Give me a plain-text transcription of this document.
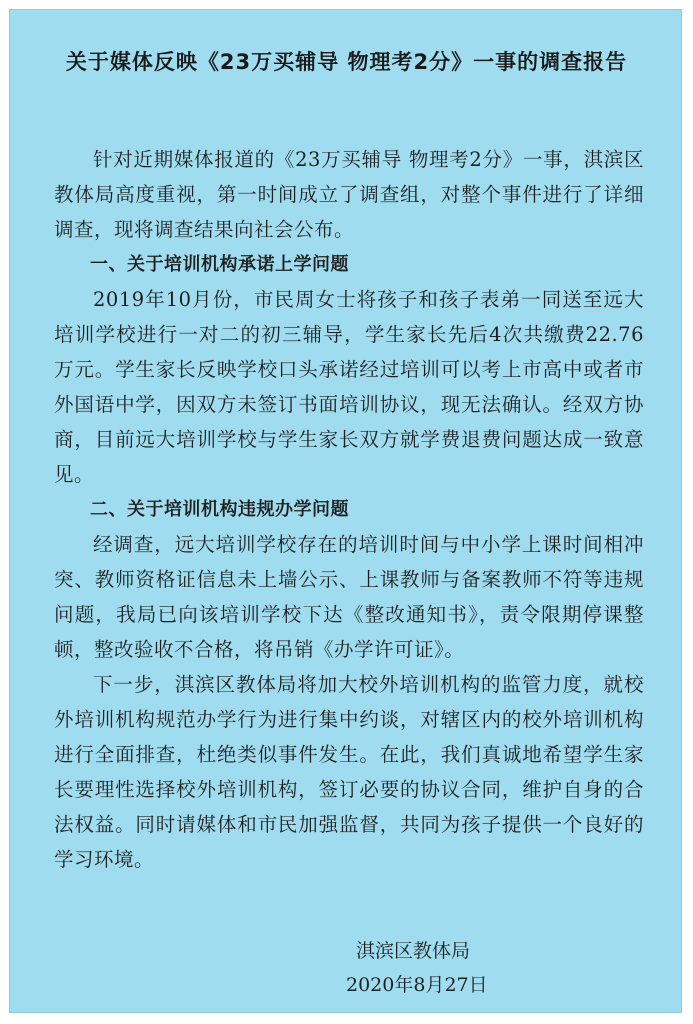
关于媒体反映《23万买辅导 物理考2分》一事的调查报告

针对近期媒体报道的《23万买辅导 物理考2分》一事，淇滨区教体局高度重视，第一时间成立了调查组，对整个事件进行了详细调查，现将调查结果向社会公布。

一、关于培训机构承诺上学问题

2019年10月份，市民周女士将孩子和孩子表弟一同送至远大培训学校进行一对二的初三辅导，学生家长先后4次共缴费22.76万元。学生家长反映学校口头承诺经过培训可以考上市高中或者市外国语中学，因双方未签订书面培训协议，现无法确认。经双方协商，目前远大培训学校与学生家长双方就学费退费问题达成一致意见。

二、关于培训机构违规办学问题

经调查，远大培训学校存在的培训时间与中小学上课时间相冲突、教师资格证信息未上墙公示、上课教师与备案教师不符等违规问题，我局已向该培训学校下达《整改通知书》，责令限期停课整顿，整改验收不合格，将吊销《办学许可证》。

下一步，淇滨区教体局将加大校外培训机构的监管力度，就校外培训机构规范办学行为进行集中约谈，对辖区内的校外培训机构进行全面排查，杜绝类似事件发生。在此，我们真诚地希望学生家长要理性选择校外培训机构，签订必要的协议合同，维护自身的合法权益。同时请媒体和市民加强监督，共同为孩子提供一个良好的学习环境。

淇滨区教体局
2020年8月27日
